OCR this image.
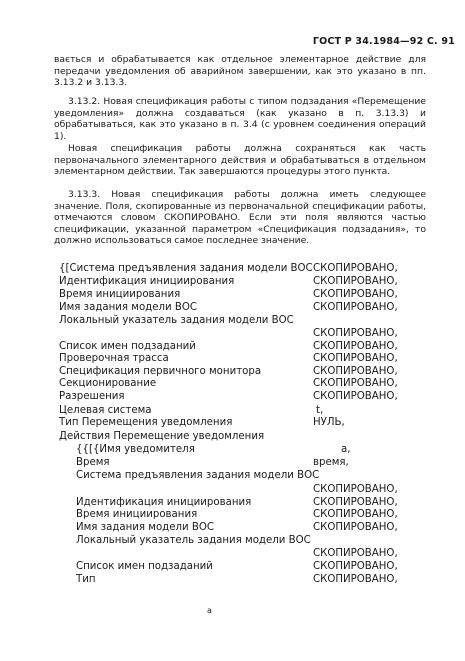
ГОСТ Р 34.1984—92 С. 91
вається и обрабатывается как отдельное элементарное действие для передачи уведомления об аварийном завершении, как это указано в пп. 3.13.2 и 3.13.3.
3.13.2. Новая спецификация работы с типом подзадания «Перемещение уведомления» должна создаваться (как указано в п. 3.13.3) и обрабатываться, как это указано в п. 3.4 (с уровнем соединения операций 1).
Новая спецификация работы должна сохраняться как часть первоначального элементарного действия и обрабатываться в отдельном элементарном действии. Так завершаются процедуры этого пункта.
3.13.3. Новая спецификация работы должна иметь следующее значение. Поля, скопированные из первоначальной спецификации работы, отмечаются словом СКОПИРОВАНО. Если эти поля являются частью спецификации, указанной параметром «Спецификация подзадания», то должно использоваться самое последнее значение.
{[Система предъявления задания модели ВОС СКОПИРОВАНО,
Идентификация инициирования	СКОПИРОВАНО,
Время инициирования	СКОПИРОВАНО,
Имя задания модели ВОС	СКОПИРОВАНО,
Локальный указатель задания модели ВОС
СКОПИРОВАНО,
Список имен подзаданий	СКОПИРОВАНО,
Проверочная трасса	СКОПИРОВАНО,
Спецификация первичного монитора	СКОПИРОВАНО,
Секционирование	СКОПИРОВАНО,
Разрешения	СКОПИРОВАНО,
Целевая система	t,
Тип Перемещения уведомления	НУЛЬ,
Действия Перемещение уведомления
{{[{Имя уведомителя	a,
Время	время,
Система предъявления задания модели ВОС
СКОПИРОВАНО,
Идентификация инициирования	СКОПИРОВАНО,
Время инициирования	СКОПИРОВАНО,
Имя задания модели ВОС	СКОПИРОВАНО,
Локальный указатель задания модели ВОС
СКОПИРОВАНО,
Список имен подзаданий	СКОПИРОВАНО,
Тип	СКОПИРОВАНО,
a
